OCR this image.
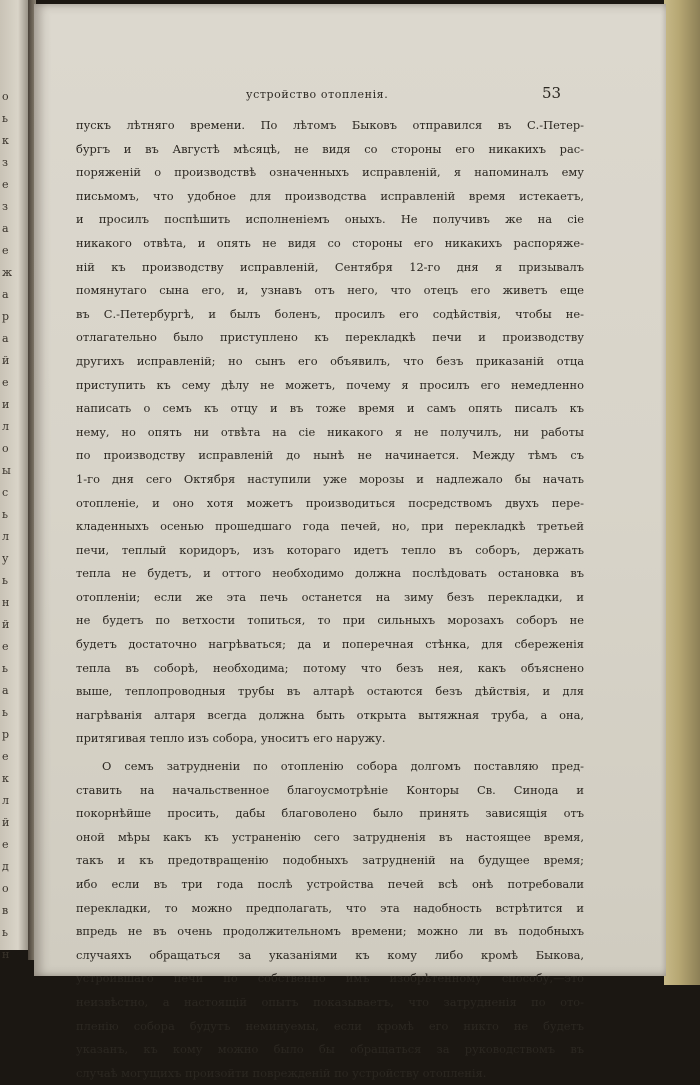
о
ь
к
з
е
з
а
е
ж
а
р
а
й
е
и
л
о
ы
с
ь
л
у
ь
н
й
е
ь
а
ь
р
е
к
л
й
е
д
о
в
ь
н
устройство отопленія.	53
пускъ лѣтняго времени. По лѣтомъ Быковъ отправился въ С.-Петер-
бургъ и въ Августѣ мѣсяцѣ, не видя со стороны его никакихъ рас-
поряженій о производствѣ означенныхъ исправленій, я напоминалъ ему
письмомъ, что удобное для производства исправленій время истекаетъ,
и просилъ поспѣшить исполненіемъ оныхъ. Не получивъ же на сіе
никакого отвѣта, и опять не видя со стороны его никакихъ распоряже-
ній къ производству исправленій, Сентября 12-го дня я призывалъ
помянутаго сына его, и, узнавъ отъ него, что отецъ его живетъ еще
въ С.-Петербургѣ, и былъ боленъ, просилъ его содѣйствія, чтобы не-
отлагательно было приступлено къ перекладкѣ печи и производству
другихъ исправленій; но сынъ его объявилъ, что безъ приказаній отца
приступить къ сему дѣлу не можетъ, почему я просилъ его немедленно
написать о семъ къ отцу и въ тоже время и самъ опять писалъ къ
нему, но опять ни отвѣта на сіе никакого я не получилъ, ни работы
по производству исправленій до нынѣ не начинается. Между тѣмъ съ
1-го дня сего Октября наступили уже морозы и надлежало бы начать
отопленіе, и оно хотя можетъ производиться посредствомъ двухъ пере-
кладенныхъ осенью прошедшаго года печей, но, при перекладкѣ третьей
печи, теплый коридоръ, изъ котораго идетъ тепло въ соборъ, держать
тепла не будетъ, и оттого необходимо должна послѣдовать остановка въ
отопленіи; если же эта печь останется на зиму безъ перекладки, и
не будетъ по ветхости топиться, то при сильныхъ морозахъ соборъ не
будетъ достаточно нагрѣваться; да и поперечная стѣнка, для сбереженія
тепла въ соборѣ, необходима; потому что безъ нея, какъ объяснено
выше, теплопроводныя трубы въ алтарѣ остаются безъ дѣйствія, и для
нагрѣванія алтаря всегда должна быть открыта вытяжная труба, а она,
притягивая тепло изъ собора, уноситъ его наружу.
О семъ затрудненіи по отопленію собора долгомъ поставляю пред-
ставить на начальственное благоусмотрѣніе Конторы Св. Синода и
покорнѣйше просить, дабы благоволено было принять зависящія отъ
оной мѣры какъ къ устраненію сего затрудненія въ настоящее время,
такъ и къ предотвращенію подобныхъ затрудненій на будущее время;
ибо если въ три года послѣ устройства печей всѣ онѣ потребовали
перекладки, то можно предполагать, что эта надобность встрѣтится и
впредь не въ очень продолжительномъ времени; можно ли въ подобныхъ
случаяхъ обращаться за указаніями къ кому либо кромѣ Быкова,
устроившаго печи по собственно имъ изобрѣтенному способу,—это
неизвѣстно, а настоящій опытъ показываетъ, что затрудненія по ото-
пленію собора будутъ неминуемы, если кромѣ его никто не будетъ
указанъ, къ кому можно было бы обращаться за руководствомъ въ
случаѣ могущихъ произойти поврежденій по устройству отопленія.
